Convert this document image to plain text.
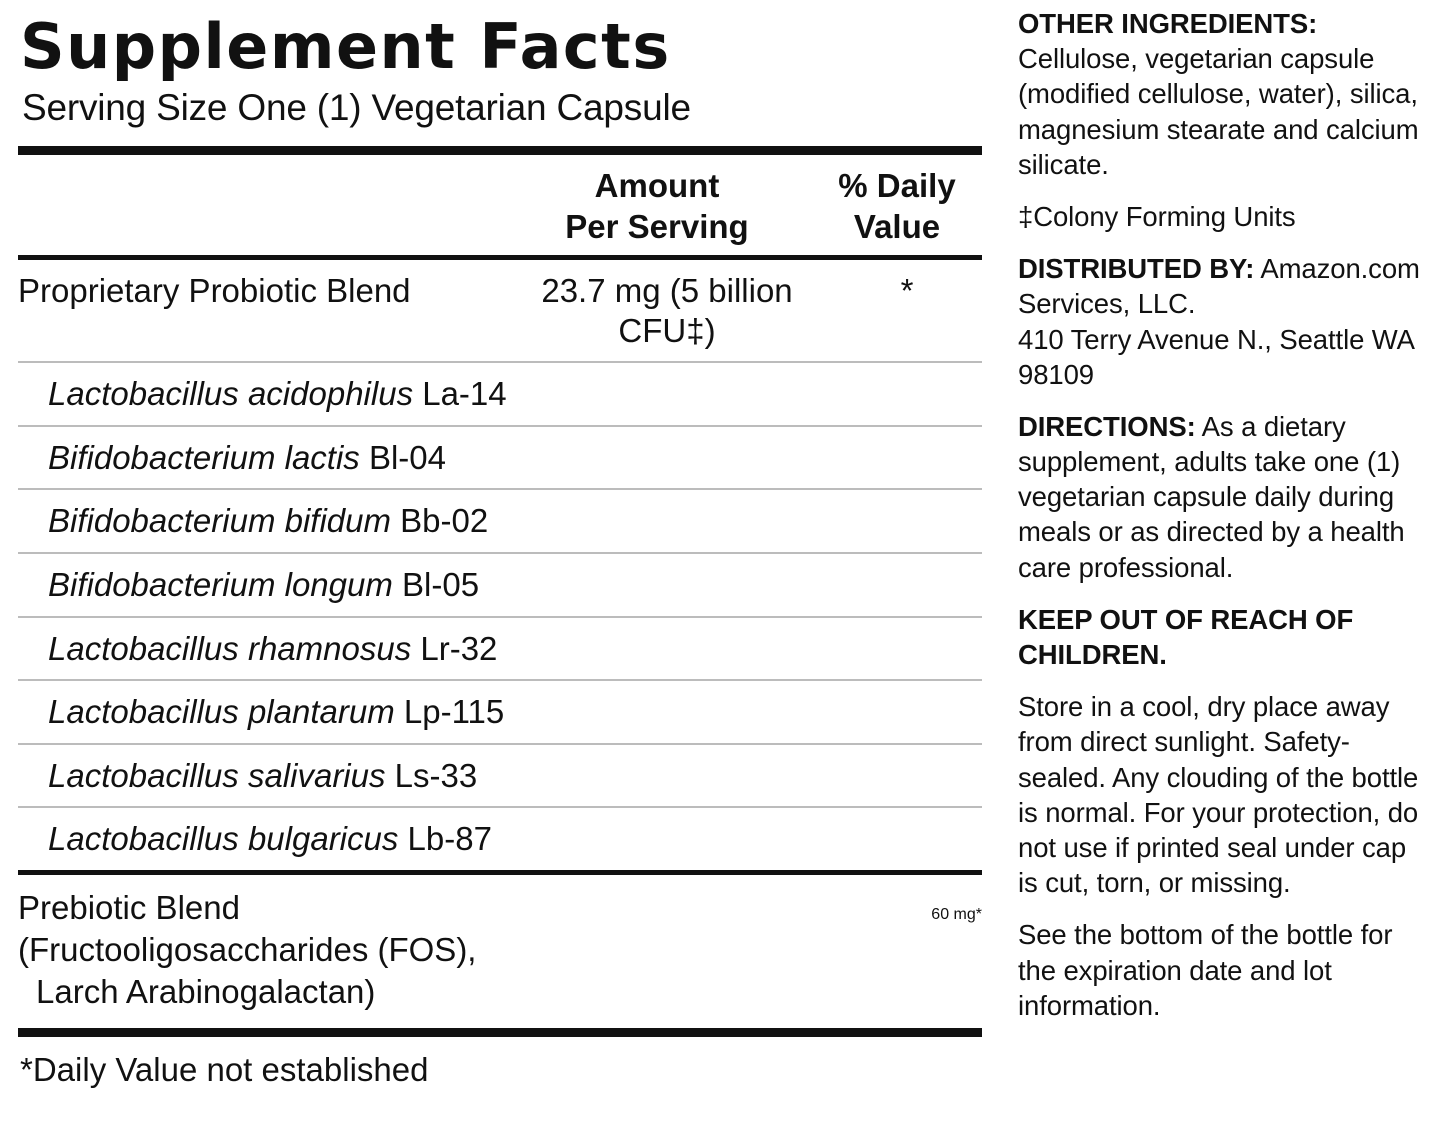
Supplement Facts
Serving Size One (1) Vegetarian Capsule
Amount
Per Serving
% Daily
Value
Proprietary Probiotic Blend	23.7 mg (5 billion CFU‡)
*
Lactobacillus acidophilus La-14
Bifidobacterium lactis Bl-04
Bifidobacterium bifidum Bb-02
Bifidobacterium longum Bl-05
Lactobacillus rhamnosus Lr-32
Lactobacillus plantarum Lp-115
Lactobacillus salivarius Ls-33
Lactobacillus bulgaricus Lb-87
Prebiotic Blend	60 mg *
(Fructooligosaccharides (FOS),
Larch Arabinogalactan)
*Daily Value not established

OTHER INGREDIENTS: Cellulose, vegetarian capsule (modified cellulose, water), silica, magnesium stearate and calcium silicate.

‡Colony Forming Units

DISTRIBUTED BY: Amazon.com Services, LLC.
410 Terry Avenue N., Seattle WA 98109

DIRECTIONS: As a dietary supplement, adults take one (1) vegetarian capsule daily during meals or as directed by a health care professional.

KEEP OUT OF REACH OF CHILDREN.

Store in a cool, dry place away from direct sunlight. Safety-sealed. Any clouding of the bottle is normal. For your protection, do not use if printed seal under cap is cut, torn, or missing.

See the bottom of the bottle for the expiration date and lot information.
